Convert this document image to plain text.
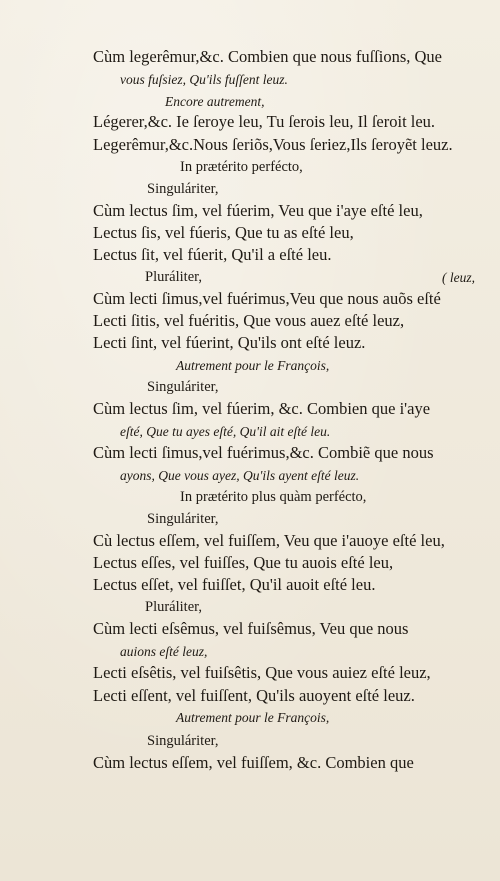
Cùm legerêmur,&c. Combien que nous fuſſions, Que
vous fuſsiez, Qu'ils fuſſent leuz.
Encore autrement,
Légerer,&c. Ie ſeroye leu, Tu ſerois leu, Il ſeroit leu.
Legerêmur,&c.Nous ſeriõs,Vous ſeriez,Ils ſeroyẽt leuz.
In prætérito perfécto,
Singuláriter,
Cùm lectus ſim, vel fúerim, Veu que i'aye eſté leu,
Lectus ſis, vel fúeris, Que tu as eſté leu,
Lectus ſit, vel fúerit, Qu'il a eſté leu.
Pluráliter,	( leuz,
Cùm lecti ſimus,vel fuérimus,Veu que nous auõs eſté
Lecti ſitis, vel fuéritis, Que vous auez eſté leuz,
Lecti ſint, vel fúerint, Qu'ils ont eſté leuz.
Autrement pour le François,
Singuláriter,
Cùm lectus ſim, vel fúerim, &c. Combien que i'aye
eſté, Que tu ayes eſté, Qu'il ait eſté leu.
Cùm lecti ſimus,vel fuérimus,&c. Combiẽ que nous
ayons, Que vous ayez, Qu'ils ayent eſté leuz.
In prætérito plus quàm perfécto,
Singuláriter,
Cù lectus eſſem, vel fuiſſem, Veu que i'auoye eſté leu,
Lectus eſſes, vel fuiſſes, Que tu auois eſté leu,
Lectus eſſet, vel fuiſſet, Qu'il auoit eſté leu.
Pluráliter,
Cùm lecti eſsêmus, vel fuiſsêmus, Veu que nous
auions eſté leuz,
Lecti eſsêtis, vel fuiſsêtis, Que vous auiez eſté leuz,
Lecti eſſent, vel fuiſſent, Qu'ils auoyent eſté leuz.
Autrement pour le François,
Singuláriter,
Cùm lectus eſſem, vel fuiſſem, &c. Combien que
